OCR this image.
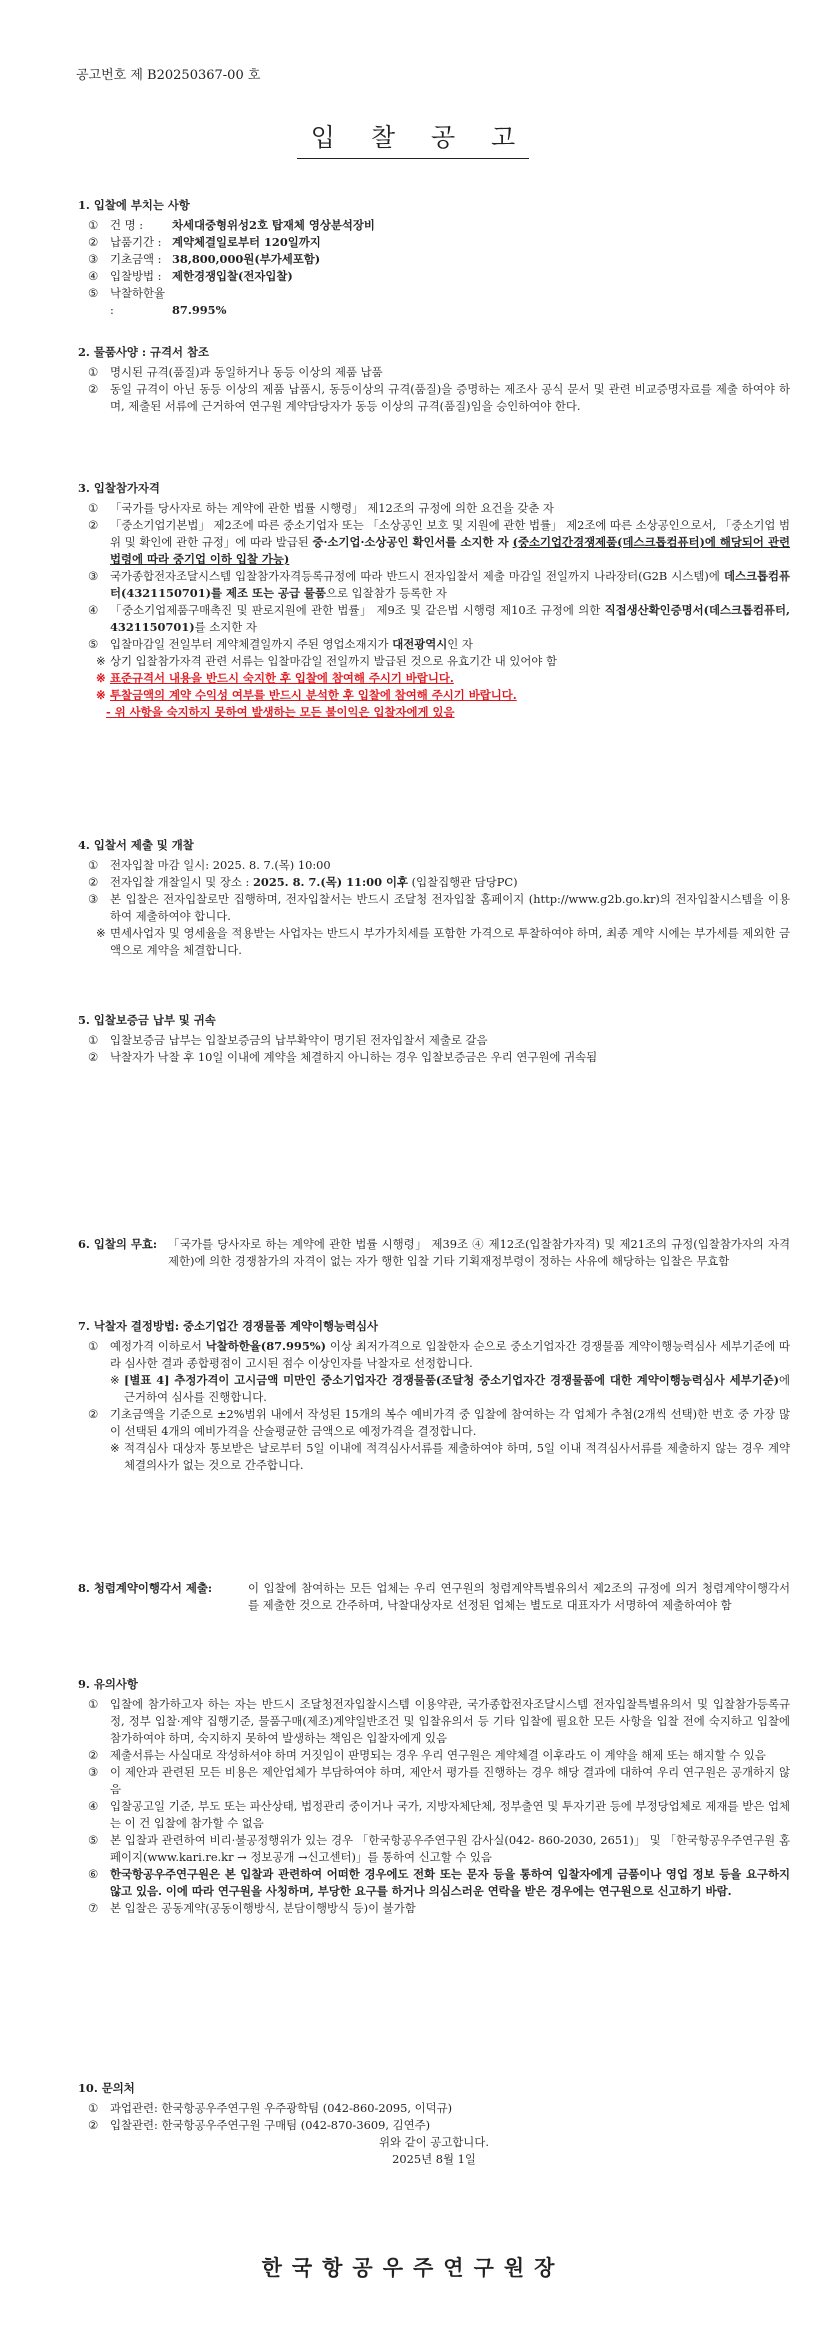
공고번호 제 B20250367-00 호
입 찰 공 고
1. 입찰에 부치는 사항
①	건 명 :	차세대중형위성2호 탑재체 영상분석장비
②	납품기간 : 계약체결일로부터 120일까지
③	기초금액 : 38,800,000원(부가세포함)
④	입찰방법 : 제한경쟁입찰(전자입찰)
⑤	낙찰하한율 :	87.995%
2. 물품사양 : 규격서 참조
①	명시된 규격(품질)과 동일하거나 동등 이상의 제품 납품
②	동일 규격이 아닌 동등 이상의 제품 납품시, 동등이상의 규격(품질)을 증명하는 제조사 공식 문서 및 관련 비교증명자료를 제출 하여야 하며, 제출된 서류에 근거하여 연구원 계약담당자가 동등 이상의 규격(품질)임을 승인하여야 한다.
3. 입찰참가자격
①	「국가를 당사자로 하는 계약에 관한 법률 시행령」 제12조의 규정에 의한 요건을 갖춘 자
②	「중소기업기본법」 제2조에 따른 중소기업자 또는 「소상공인 보호 및 지원에 관한 법률」 제2조에 따른 소상공인으로서, 「중소기업 범위 및 확인에 관한 규정」에 따라 발급된 중·소기업·소상공인 확인서를 소지한 자 (중소기업간경쟁제품(데스크톱컴퓨터)에 해당되어 관련 법령에 따라 중기업 이하 입찰 가능)
③	국가종합전자조달시스템 입찰참가자격등록규정에 따라 반드시 전자입찰서 제출 마감일 전일까지 나라장터(G2B 시스템)에 데스크톱컴퓨터(4321150701)를 제조 또는 공급 물품으로 입찰참가 등록한 자
④	「중소기업제품구매촉진 및 판로지원에 관한 법률」 제9조 및 같은법 시행령 제10조 규정에 의한 직접생산확인증명서(데스크톱컴퓨터, 4321150701)를 소지한 자
⑤	입찰마감일 전일부터 계약체결일까지 주된 영업소재지가 대전광역시인 자
※ 상기 입찰참가자격 관련 서류는 입찰마감일 전일까지 발급된 것으로 유효기간 내 있어야 함
※ 표준규격서 내용을 반드시 숙지한 후 입찰에 참여해 주시기 바랍니다.
※ 투찰금액의 계약 수익성 여부를 반드시 분석한 후 입찰에 참여해 주시기 바랍니다.
- 위 사항을 숙지하지 못하여 발생하는 모든 불이익은 입찰자에게 있음
4. 입찰서 제출 및 개찰
①	전자입찰 마감 일시: 2025. 8. 7.(목) 10:00
②	전자입찰 개찰일시 및 장소 : 2025. 8. 7.(목) 11:00 이후 (입찰집행관 담당PC)
③	본 입찰은 전자입찰로만 집행하며, 전자입찰서는 반드시 조달청 전자입찰 홈페이지 (http://www.g2b.go.kr)의 전자입찰시스템을 이용하여 제출하여야 합니다.
※ 면세사업자 및 영세율을 적용받는 사업자는 반드시 부가가치세를 포함한 가격으로 투찰하여야 하며, 최종 계약 시에는 부가세를 제외한 금액으로 계약을 체결합니다.
5. 입찰보증금 납부 및 귀속
①	입찰보증금 납부는 입찰보증금의 납부확약이 명기된 전자입찰서 제출로 갈음
②	낙찰자가 낙찰 후 10일 이내에 계약을 체결하지 아니하는 경우 입찰보증금은 우리 연구원에 귀속됨
6. 입찰의 무효: 「국가를 당사자로 하는 계약에 관한 법률 시행령」 제39조 ④ 제12조(입찰참가자격) 및 제21조의 규정(입찰참가자의 자격제한)에 의한 경쟁참가의 자격이 없는 자가 행한 입찰 기타 기획재정부령이 정하는 사유에 해당하는 입찰은 무효함
7. 낙찰자 결정방법: 중소기업간 경쟁물품 계약이행능력심사
①	예정가격 이하로서 낙찰하한율(87.995%) 이상 최저가격으로 입찰한자 순으로 중소기업자간 경쟁물품 계약이행능력심사 세부기준에 따라 심사한 결과 종합평점이 고시된 점수 이상인자를 낙찰자로 선정합니다.
※ [별표 4] 추정가격이 고시금액 미만인 중소기업자간 경쟁물품(조달청 중소기업자간 경쟁물품에 대한 계약이행능력심사 세부기준)에 근거하여 심사를 진행합니다.
②	기초금액을 기준으로 ±2%범위 내에서 작성된 15개의 복수 예비가격 중 입찰에 참여하는 각 업체가 추첨(2개씩 선택)한 번호 중 가장 많이 선택된 4개의 예비가격을 산술평균한 금액으로 예정가격을 결정합니다.
※ 적격심사 대상자 통보받은 날로부터 5일 이내에 적격심사서류를 제출하여야 하며, 5일 이내 적격심사서류를 제출하지 않는 경우 계약체결의사가 없는 것으로 간주합니다.
8. 청렴계약이행각서 제출:	이 입찰에 참여하는 모든 업체는 우리 연구원의 청렴계약특별유의서 제2조의 규정에 의거 청렴계약이행각서를 제출한 것으로 간주하며, 낙찰대상자로 선정된 업체는 별도로 대표자가 서명하여 제출하여야 함
9. 유의사항
①	입찰에 참가하고자 하는 자는 반드시 조달청전자입찰시스템 이용약관, 국가종합전자조달시스템 전자입찰특별유의서 및 입찰참가등록규정, 정부 입찰·계약 집행기준, 물품구매(제조)계약일반조건 및 입찰유의서 등 기타 입찰에 필요한 모든 사항을 입찰 전에 숙지하고 입찰에 참가하여야 하며, 숙지하지 못하여 발생하는 책임은 입찰자에게 있음
②	제출서류는 사실대로 작성하셔야 하며 거짓임이 판명되는 경우 우리 연구원은 계약체결 이후라도 이 계약을 해제 또는 해지할 수 있음
③	이 제안과 관련된 모든 비용은 제안업체가 부담하여야 하며, 제안서 평가를 진행하는 경우 해당 결과에 대하여 우리 연구원은 공개하지 않음
④	입찰공고일 기준, 부도 또는 파산상태, 법정관리 중이거나 국가, 지방자체단체, 정부출연 및 투자기관 등에 부정당업체로 제재를 받은 업체는 이 건 입찰에 참가할 수 없음
⑤	본 입찰과 관련하여 비리·불공정행위가 있는 경우 「한국항공우주연구원 감사실(042- 860-2030, 2651)」 및 「한국항공우주연구원 홈페이지(www.kari.re.kr → 정보공개 →신고센터)」를 통하여 신고할 수 있음
⑥	한국항공우주연구원은 본 입찰과 관련하여 어떠한 경우에도 전화 또는 문자 등을 통하여 입찰자에게 금품이나 영업 정보 등을 요구하지 않고 있음. 이에 따라 연구원을 사칭하며, 부당한 요구를 하거나 의심스러운 연락을 받은 경우에는 연구원으로 신고하기 바람.
⑦	본 입찰은 공동계약(공동이행방식, 분담이행방식 등)이 불가함
10. 문의처
①	과업관련: 한국항공우주연구원 우주광학팀 (042-860-2095, 이덕규)
②	입찰관련: 한국항공우주연구원 구매팀 (042-870-3609, 김연주)
위와 같이 공고합니다.
2025년 8월 1일
한국항공우주연구원장
